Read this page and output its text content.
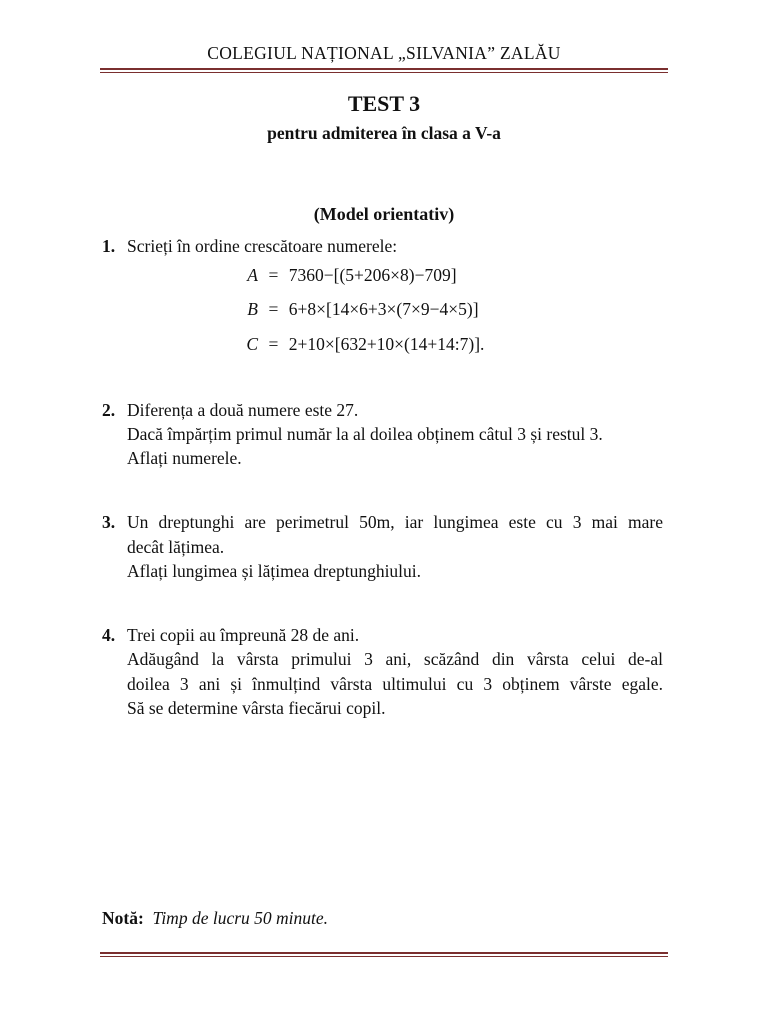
COLEGIUL NAȚIONAL „SILVANIA” ZALĂU
TEST 3
pentru admiterea în clasa a V-a
(Model orientativ)
1. Scrieți în ordine crescătoare numerele:
A = 7360−[(5+206×8)−709]
B = 6+8×[14×6+3×(7×9−4×5)]
C = 2+10×[632+10×(14+14:7)].
2. Diferența a două numere este 27.
Dacă împărțim primul număr la al doilea obținem câtul 3 și restul 3.
Aflați numerele.
3. Un dreptunghi are perimetrul 50m, iar lungimea este cu 3 mai mare
decât lățimea.
Aflați lungimea și lățimea dreptunghiului.
4. Trei copii au împreună 28 de ani.
Adăugând la vârsta primului 3 ani, scăzând din vârsta celui de-al
doilea 3 ani și înmulțind vârsta ultimului cu 3 obținem vârste egale.
Să se determine vârsta fiecărui copil.
Notă: Timp de lucru 50 minute.
